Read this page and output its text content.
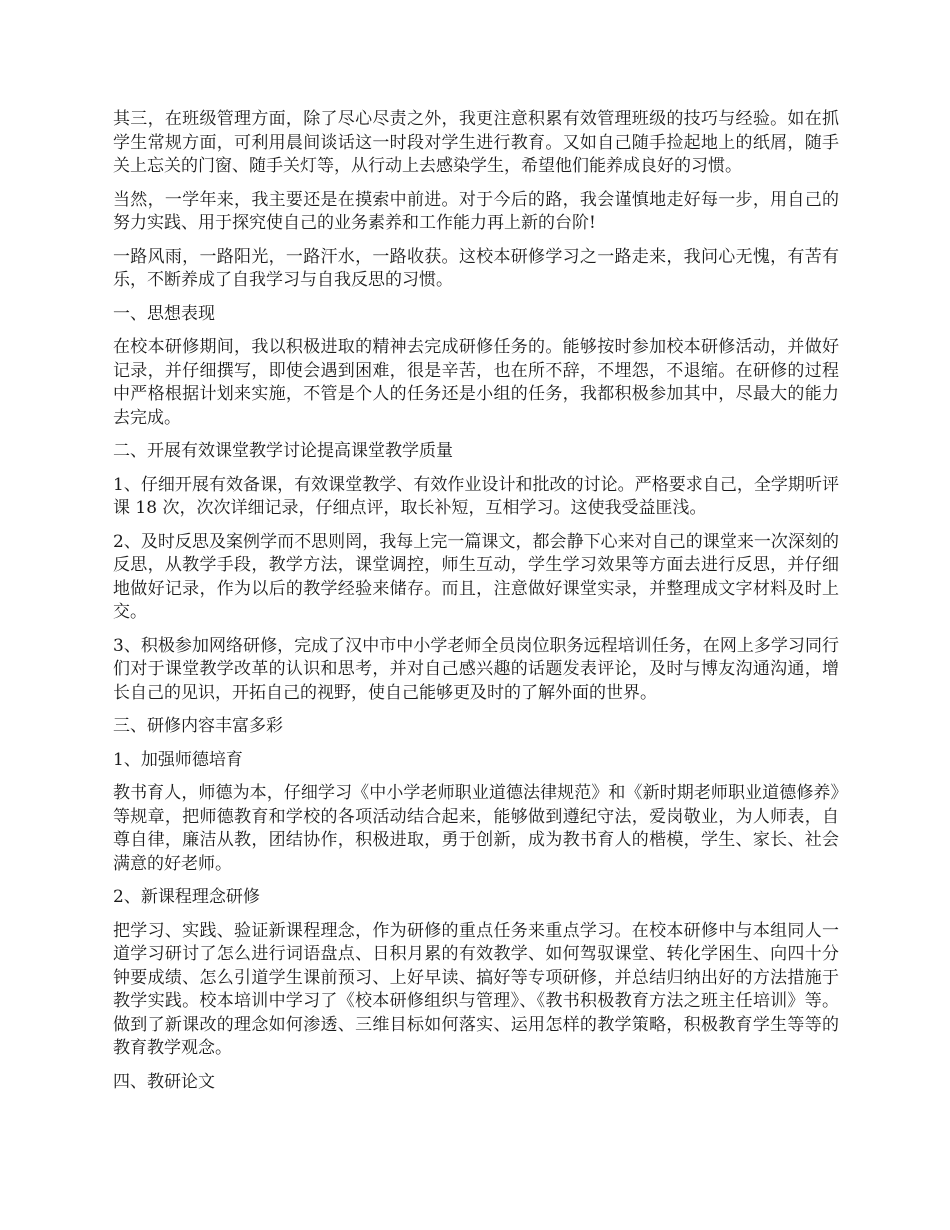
其三，在班级管理方面，除了尽心尽责之外，我更注意积累有效管理班级的技巧与经验。如在抓学生常规方面，可利用晨间谈话这一时段对学生进行教育。又如自己随手捡起地上的纸屑，随手关上忘关的门窗、随手关灯等，从行动上去感染学生，希望他们能养成良好的习惯。

当然，一学年来，我主要还是在摸索中前进。对于今后的路，我会谨慎地走好每一步，用自己的努力实践、用于探究使自己的业务素养和工作能力再上新的台阶!

一路风雨，一路阳光，一路汗水，一路收获。这校本研修学习之一路走来，我问心无愧，有苦有乐，不断养成了自我学习与自我反思的习惯。

一、思想表现

在校本研修期间，我以积极进取的精神去完成研修任务的。能够按时参加校本研修活动，并做好记录，并仔细撰写，即使会遇到困难，很是辛苦，也在所不辞，不埋怨，不退缩。在研修的过程中严格根据计划来实施，不管是个人的任务还是小组的任务，我都积极参加其中，尽最大的能力去完成。

二、开展有效课堂教学讨论提高课堂教学质量

1、仔细开展有效备课，有效课堂教学、有效作业设计和批改的讨论。严格要求自己，全学期听评课 18 次，次次详细记录，仔细点评，取长补短，互相学习。这使我受益匪浅。

2、及时反思及案例学而不思则罔，我每上完一篇课文，都会静下心来对自己的课堂来一次深刻的反思，从教学手段，教学方法，课堂调控，师生互动，学生学习效果等方面去进行反思，并仔细地做好记录，作为以后的教学经验来储存。而且，注意做好课堂实录，并整理成文字材料及时上交。

3、积极参加网络研修，完成了汉中市中小学老师全员岗位职务远程培训任务，在网上多学习同行们对于课堂教学改革的认识和思考，并对自己感兴趣的话题发表评论，及时与博友沟通沟通，增长自己的见识，开拓自己的视野，使自己能够更及时的了解外面的世界。

三、研修内容丰富多彩

1、加强师德培育

教书育人，师德为本，仔细学习《中小学老师职业道德法律规范》和《新时期老师职业道德修养》等规章，把师德教育和学校的各项活动结合起来，能够做到遵纪守法，爱岗敬业，为人师表，自尊自律，廉洁从教，团结协作，积极进取，勇于创新，成为教书育人的楷模，学生、家长、社会满意的好老师。

2、新课程理念研修

把学习、实践、验证新课程理念，作为研修的重点任务来重点学习。在校本研修中与本组同人一道学习研讨了怎么进行词语盘点、日积月累的有效教学、如何驾驭课堂、转化学困生、向四十分钟要成绩、怎么引道学生课前预习、上好早读、搞好等专项研修，并总结归纳出好的方法措施于教学实践。校本培训中学习了《校本研修组织与管理》、《教书积极教育方法之班主任培训》等。做到了新课改的理念如何渗透、三维目标如何落实、运用怎样的教学策略，积极教育学生等等的教育教学观念。

四、教研论文
